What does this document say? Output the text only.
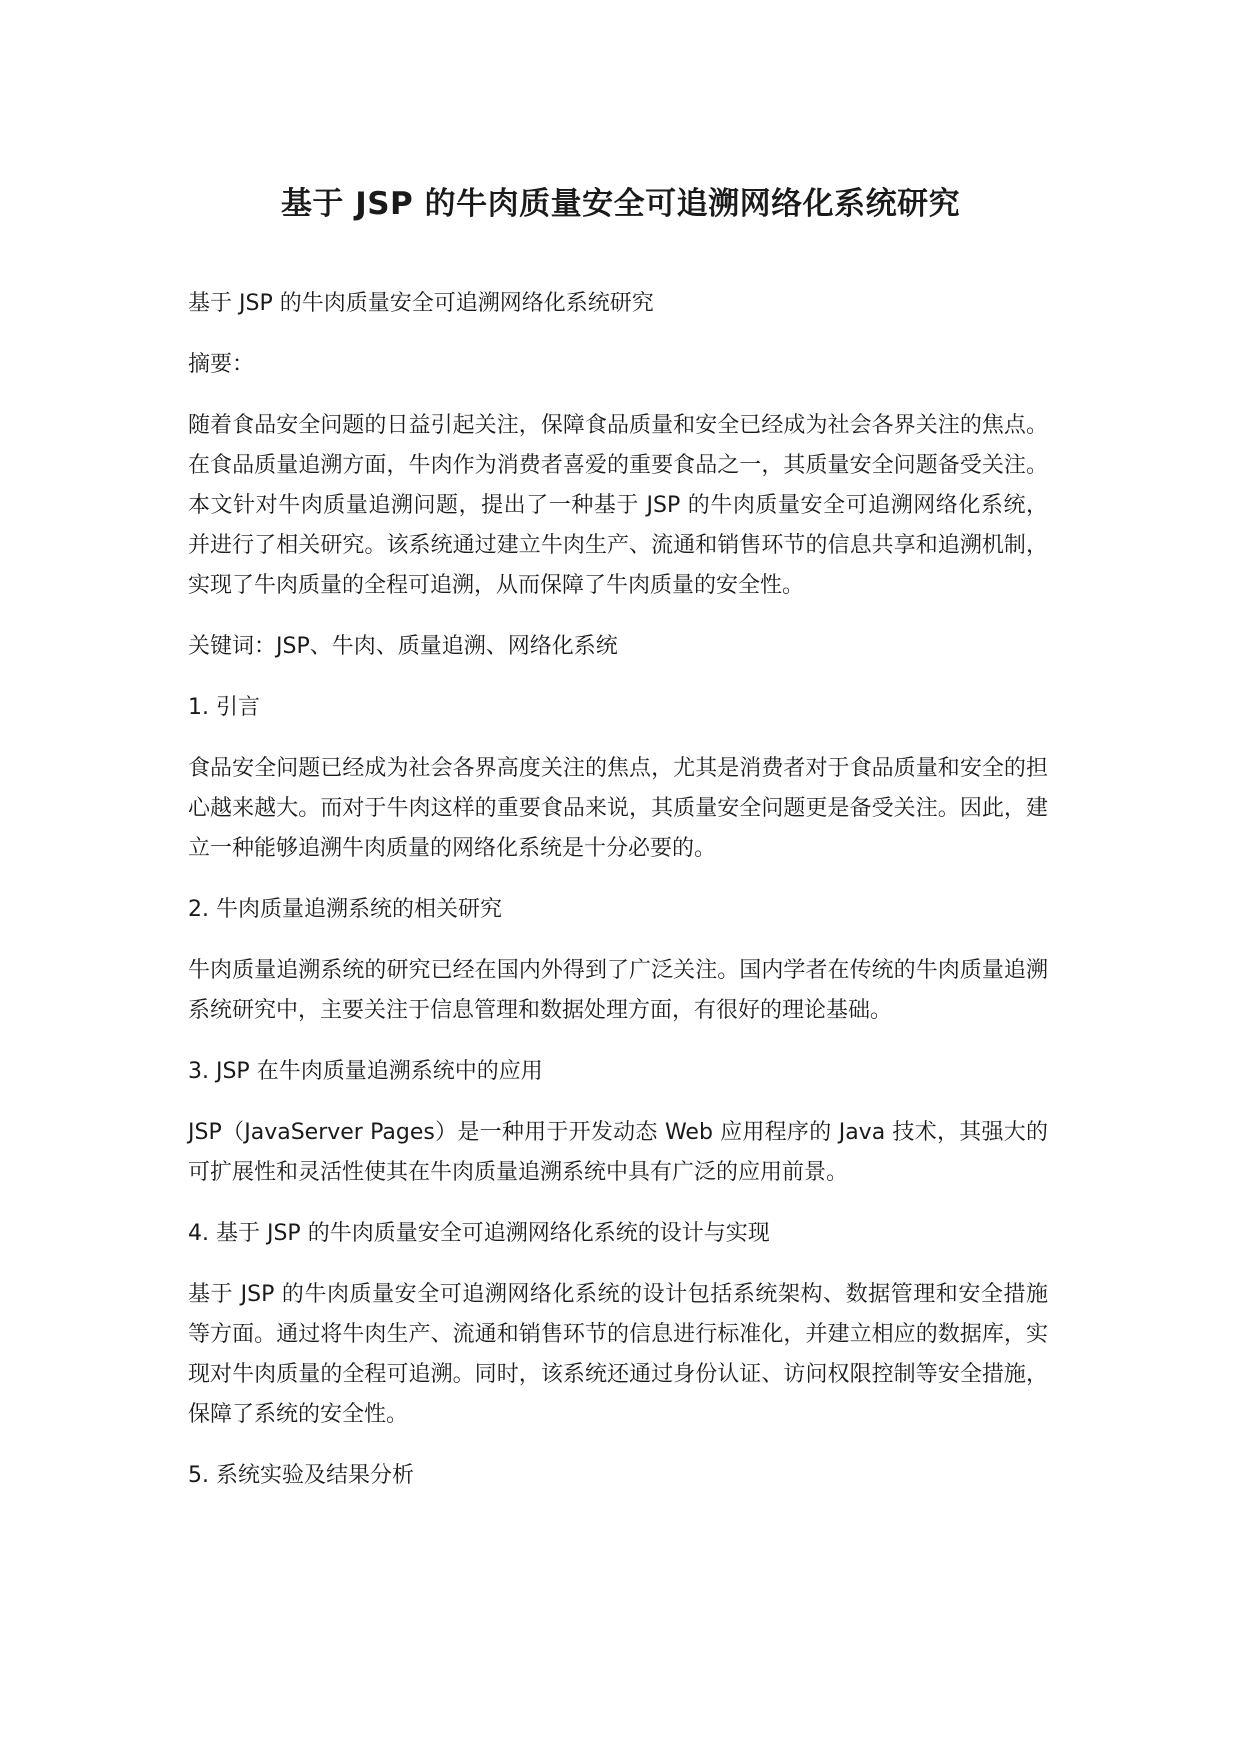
基于 JSP 的牛肉质量安全可追溯网络化系统研究

基于 JSP 的牛肉质量安全可追溯网络化系统研究

摘要：

随着食品安全问题的日益引起关注，保障食品质量和安全已经成为社会各界关注的焦点。在食品质量追溯方面，牛肉作为消费者喜爱的重要食品之一，其质量安全问题备受关注。本文针对牛肉质量追溯问题，提出了一种基于 JSP 的牛肉质量安全可追溯网络化系统，并进行了相关研究。该系统通过建立牛肉生产、流通和销售环节的信息共享和追溯机制，实现了牛肉质量的全程可追溯，从而保障了牛肉质量的安全性。

关键词：JSP、牛肉、质量追溯、网络化系统

1. 引言

食品安全问题已经成为社会各界高度关注的焦点，尤其是消费者对于食品质量和安全的担心越来越大。而对于牛肉这样的重要食品来说，其质量安全问题更是备受关注。因此，建立一种能够追溯牛肉质量的网络化系统是十分必要的。

2. 牛肉质量追溯系统的相关研究

牛肉质量追溯系统的研究已经在国内外得到了广泛关注。国内学者在传统的牛肉质量追溯系统研究中，主要关注于信息管理和数据处理方面，有很好的理论基础。

3. JSP 在牛肉质量追溯系统中的应用

JSP（JavaServer Pages）是一种用于开发动态 Web 应用程序的 Java 技术，其强大的可扩展性和灵活性使其在牛肉质量追溯系统中具有广泛的应用前景。

4. 基于 JSP 的牛肉质量安全可追溯网络化系统的设计与实现

基于 JSP 的牛肉质量安全可追溯网络化系统的设计包括系统架构、数据管理和安全措施等方面。通过将牛肉生产、流通和销售环节的信息进行标准化，并建立相应的数据库，实现对牛肉质量的全程可追溯。同时，该系统还通过身份认证、访问权限控制等安全措施，保障了系统的安全性。

5. 系统实验及结果分析
